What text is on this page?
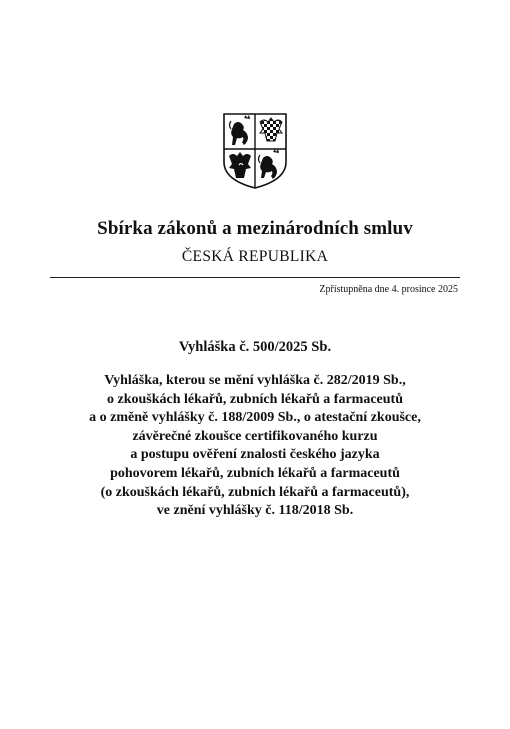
Sbírka zákonů a mezinárodních smluv
ČESKÁ REPUBLIKA
Zpřístupněna dne 4. prosince 2025
Vyhláška č. 500/2025 Sb.
Vyhláška, kterou se mění vyhláška č. 282/2019 Sb.,
o zkouškách lékařů, zubních lékařů a farmaceutů
a o změně vyhlášky č. 188/2009 Sb., o atestační zkoušce,
závěrečné zkoušce certifikovaného kurzu
a postupu ověření znalosti českého jazyka
pohovorem lékařů, zubních lékařů a farmaceutů
(o zkouškách lékařů, zubních lékařů a farmaceutů),
ve znění vyhlášky č. 118/2018 Sb.
